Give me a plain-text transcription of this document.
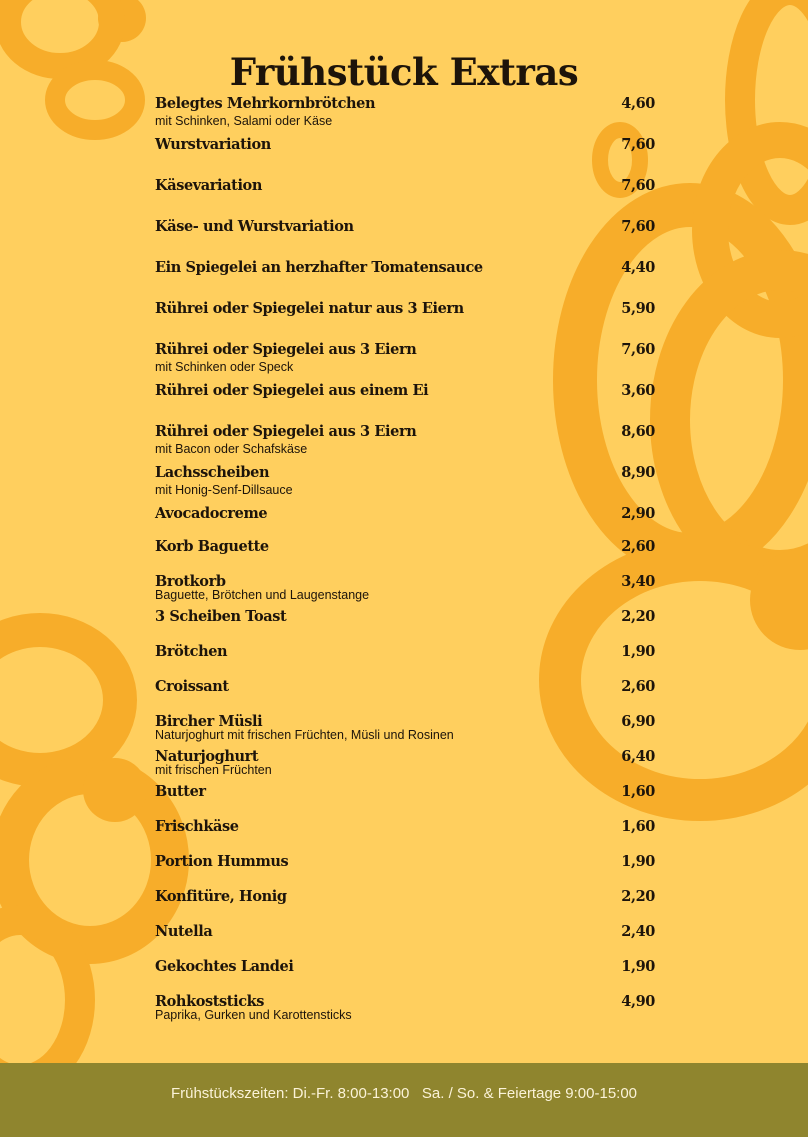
Frühstück Extras
Belegtes Mehrkornbrötchen	4,60
mit Schinken, Salami oder Käse
Wurstvariation	7,60
Käsevariation	7,60
Käse- und Wurstvariation	7,60
Ein Spiegelei an herzhafter Tomatensauce	4,40
Rührei oder Spiegelei natur aus 3 Eiern	5,90
Rührei oder Spiegelei aus 3 Eiern	7,60
mit Schinken oder Speck
Rührei oder Spiegelei aus einem Ei	3,60
Rührei oder Spiegelei aus 3 Eiern	8,60
mit Bacon oder Schafskäse
Lachsscheiben	8,90
mit Honig-Senf-Dillsauce
Avocadocreme	2,90
Korb Baguette	2,60
Brotkorb	3,40
Baguette, Brötchen und Laugenstange
3 Scheiben Toast	2,20
Brötchen	1,90
Croissant	2,60
Bircher Müsli	6,90
Naturjoghurt mit frischen Früchten, Müsli und Rosinen
Naturjoghurt	6,40
mit frischen Früchten
Butter	1,60
Frischkäse	1,60
Portion Hummus	1,90
Konfitüre, Honig	2,20
Nutella	2,40
Gekochtes Landei	1,90
Rohkoststicks	4,90
Paprika, Gurken und Karottensticks
Frühstückszeiten: Di.-Fr. 8:00-13:00   Sa. / So. & Feiertage 9:00-15:00
